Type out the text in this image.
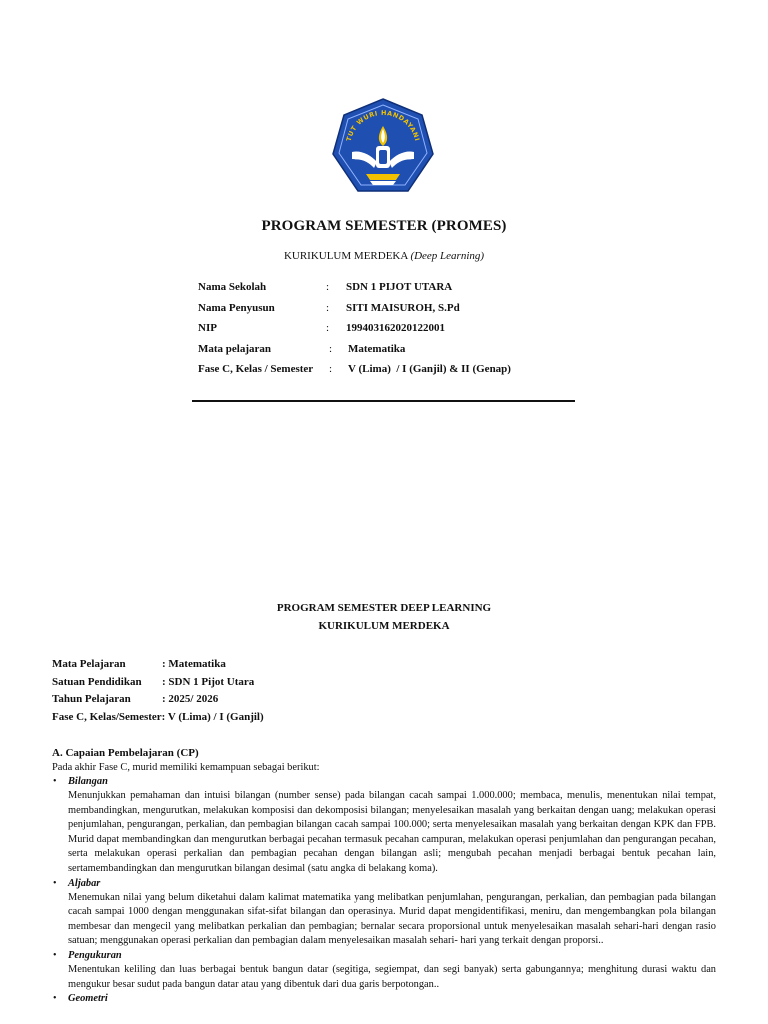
TUT WURI HANDAYANI
PROGRAM SEMESTER (PROMES)
KURIKULUM MERDEKA (Deep Learning)
Nama Sekolah	: SDN 1 PIJOT UTARA
Nama Penyusun	: SITI MAISUROH, S.Pd
NIP	: 199403162020122001
Mata pelajaran	: Matematika
Fase C, Kelas / Semester	: V (Lima)  / I (Ganjil) & II (Genap)
PROGRAM SEMESTER DEEP LEARNING
KURIKULUM MERDEKA
Mata Pelajaran	: Matematika
Satuan Pendidikan : SDN 1 Pijot Utara
Tahun Pelajaran	: 2025/ 2026
Fase C, Kelas/Semester: V (Lima) / I (Ganjil)
A. Capaian Pembelajaran (CP)
Pada akhir Fase C, murid memiliki kemampuan sebagai berikut:
• Bilangan
Menunjukkan pemahaman dan intuisi bilangan (number sense) pada bilangan cacah sampai 1.000.000; membaca, menulis, menentukan nilai tempat, membandingkan, mengurutkan, melakukan komposisi dan dekomposisi bilangan; menyelesaikan masalah yang berkaitan dengan uang; melakukan operasi penjumlahan, pengurangan, perkalian, dan pembagian bilangan cacah sampai 100.000; serta menyelesaikan masalah yang berkaitan dengan KPK dan FPB. Murid dapat membandingkan dan mengurutkan berbagai pecahan termasuk pecahan campuran, melakukan operasi penjumlahan dan pengurangan pecahan, serta melakukan operasi perkalian dan pembagian pecahan dengan bilangan asli; mengubah pecahan menjadi berbagai bentuk pecahan lain, sertamembandingkan dan mengurutkan bilangan desimal (satu angka di belakang koma).
• Aljabar
Menemukan nilai yang belum diketahui dalam kalimat matematika yang melibatkan penjumlahan, pengurangan, perkalian, dan pembagian pada bilangan cacah sampai 1000 dengan menggunakan sifat-sifat bilangan dan operasinya. Murid dapat mengidentifikasi, meniru, dan mengembangkan pola bilangan membesar dan mengecil yang melibatkan perkalian dan pembagian; bernalar secara proporsional untuk menyelesaikan masalah sehari-hari dengan rasio satuan; menggunakan operasi perkalian dan pembagian dalam menyelesaikan masalah sehari- hari yang terkait dengan proporsi..
• Pengukuran
Menentukan keliling dan luas berbagai bentuk bangun datar (segitiga, segiempat, dan segi banyak) serta gabungannya; menghitung durasi waktu dan mengukur besar sudut pada bangun datar atau yang dibentuk dari dua garis berpotongan..
• Geometri
